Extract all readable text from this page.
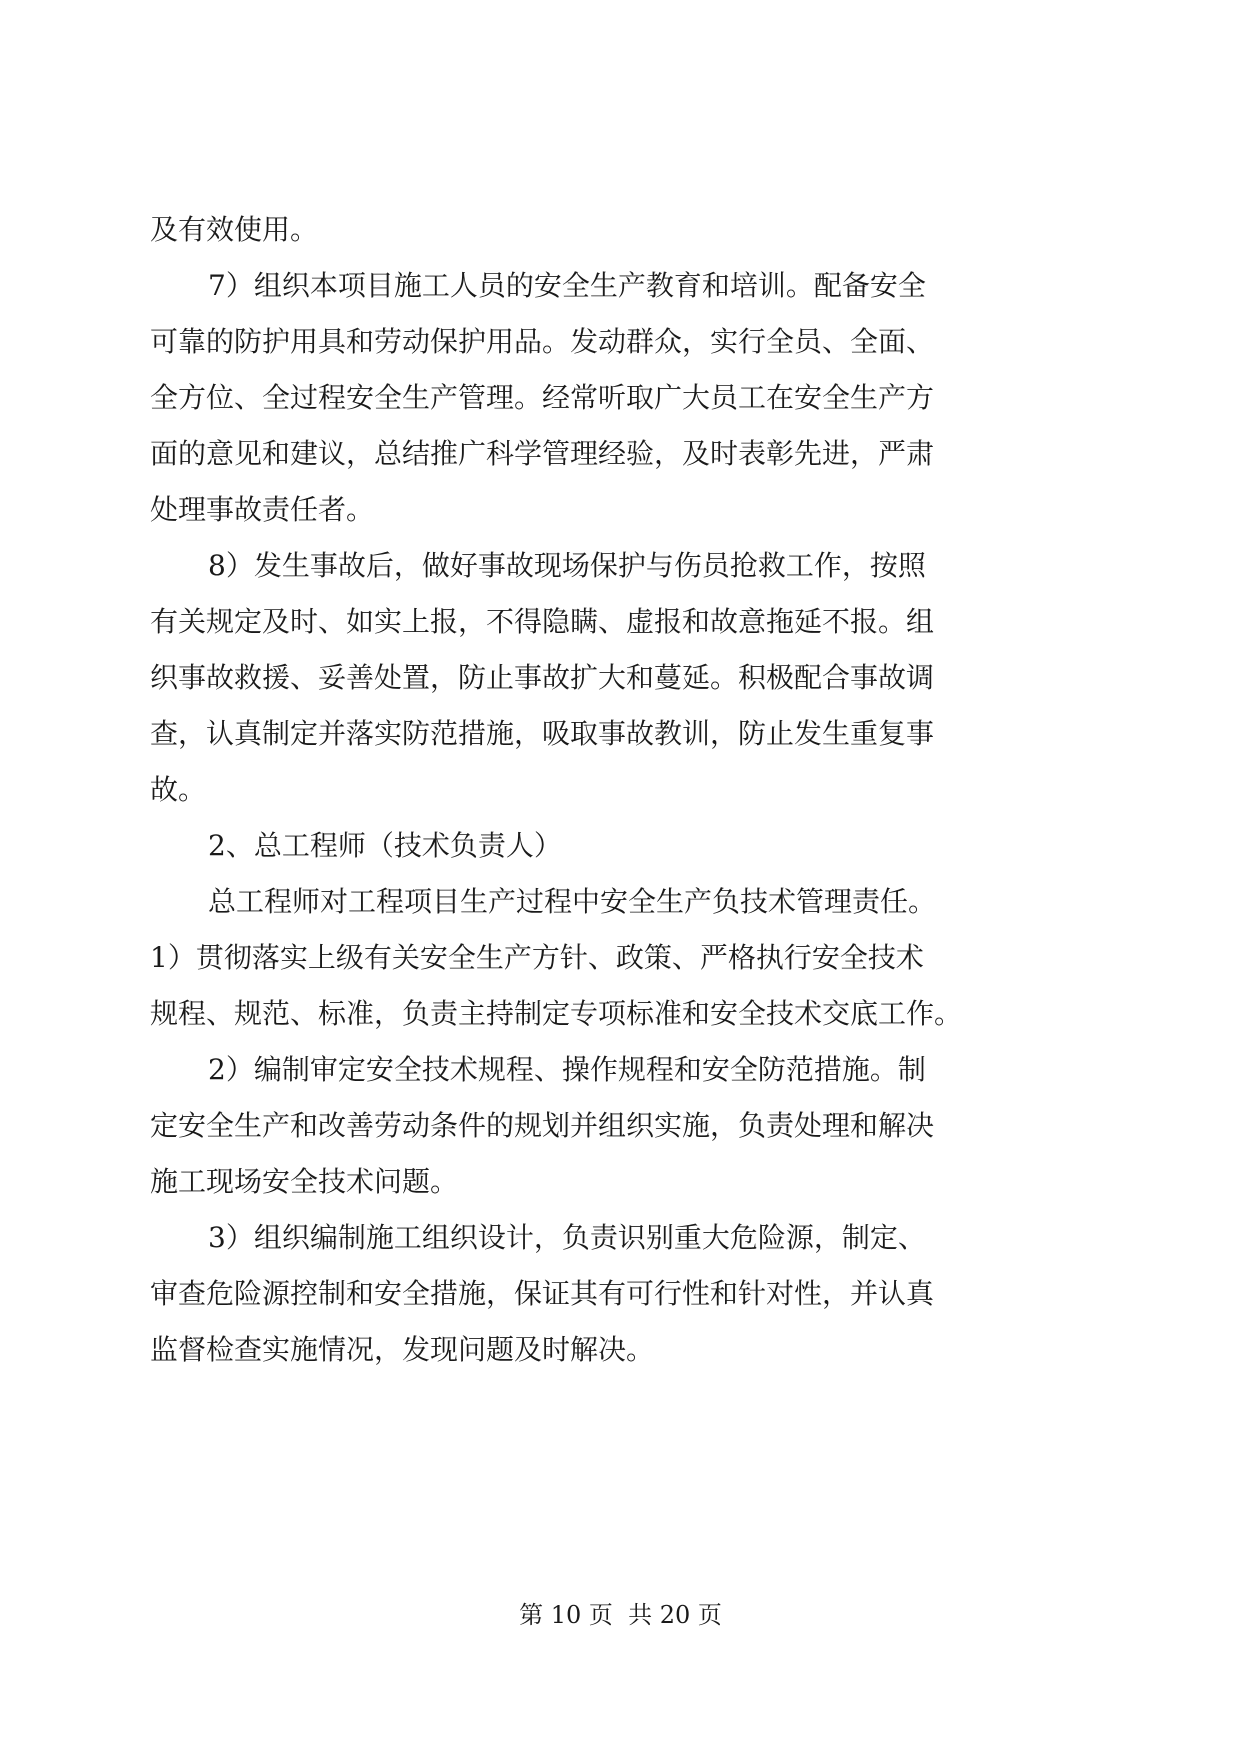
及有效使用。
7）组织本项目施工人员的安全生产教育和培训。配备安全
可靠的防护用具和劳动保护用品。发动群众，实行全员、全面、
全方位、全过程安全生产管理。经常听取广大员工在安全生产方
面的意见和建议，总结推广科学管理经验，及时表彰先进，严肃
处理事故责任者。
8）发生事故后，做好事故现场保护与伤员抢救工作，按照
有关规定及时、如实上报，不得隐瞒、虚报和故意拖延不报。组
织事故救援、妥善处置，防止事故扩大和蔓延。积极配合事故调
查，认真制定并落实防范措施，吸取事故教训，防止发生重复事
故。
2、总工程师（技术负责人）
总工程师对工程项目生产过程中安全生产负技术管理责任。
1）贯彻落实上级有关安全生产方针、政策、严格执行安全技术
规程、规范、标准，负责主持制定专项标准和安全技术交底工作。
2）编制审定安全技术规程、操作规程和安全防范措施。制
定安全生产和改善劳动条件的规划并组织实施，负责处理和解决
施工现场安全技术问题。
3）组织编制施工组织设计，负责识别重大危险源，制定、
审查危险源控制和安全措施，保证其有可行性和针对性，并认真
监督检查实施情况，发现问题及时解决。
第 10 页  共 20 页
